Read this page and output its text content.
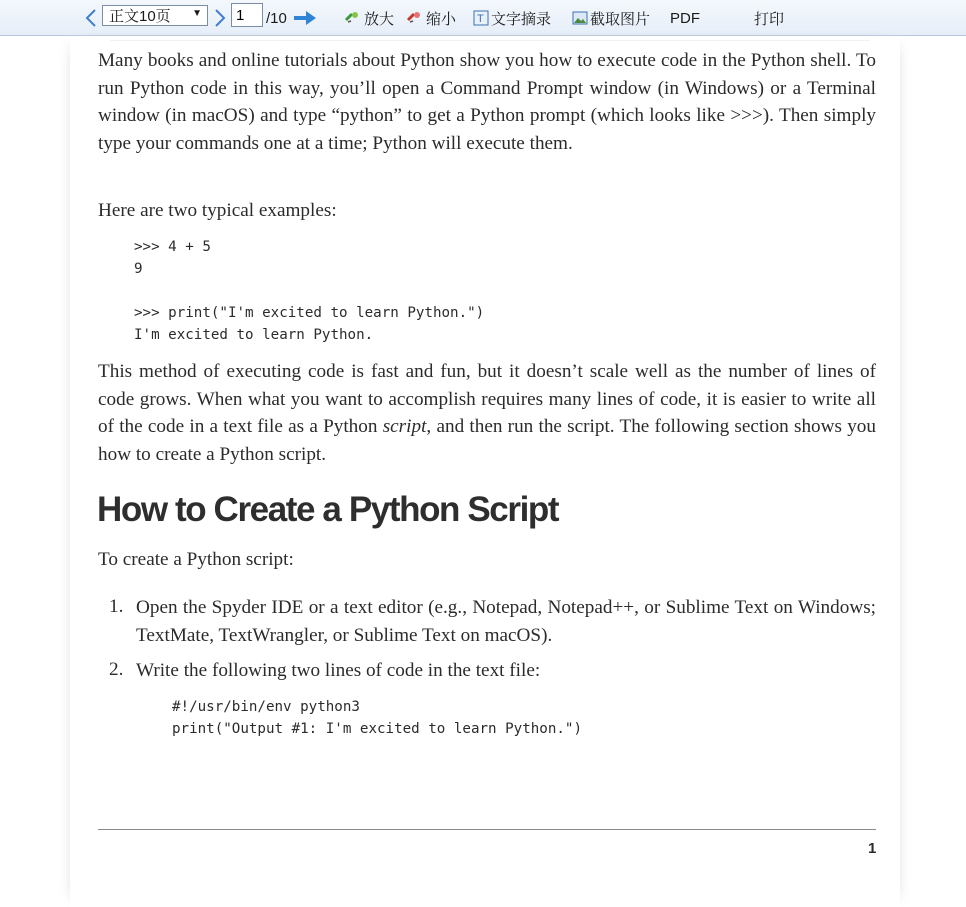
正文10页 ▼
1	/10	放大 缩小 T 文字摘录	截取图片 PDF	打印

Many books and online tutorials about Python show you how to execute code in the Python shell. To run Python code in this way, you’ll open a Command Prompt window (in Windows) or a Terminal window (in macOS) and type “python” to get a Python prompt (which looks like >>>). Then simply type your commands one at a time; Python will execute them.

Here are two typical examples:

>>> 4 + 5
9

>>> print("I'm excited to learn Python.")
I'm excited to learn Python.

This method of executing code is fast and fun, but it doesn’t scale well as the number of lines of code grows. When what you want to accomplish requires many lines of code, it is easier to write all of the code in a text file as a Python script, and then run the script. The following section shows you how to create a Python script.

How to Create a Python Script

To create a Python script:

1. Open the Spyder IDE or a text editor (e.g., Notepad, Notepad++, or Sublime Text on Windows; TextMate, TextWrangler, or Sublime Text on macOS).

2. Write the following two lines of code in the text file:

#!/usr/bin/env python3
print("Output #1: I'm excited to learn Python.")
1
